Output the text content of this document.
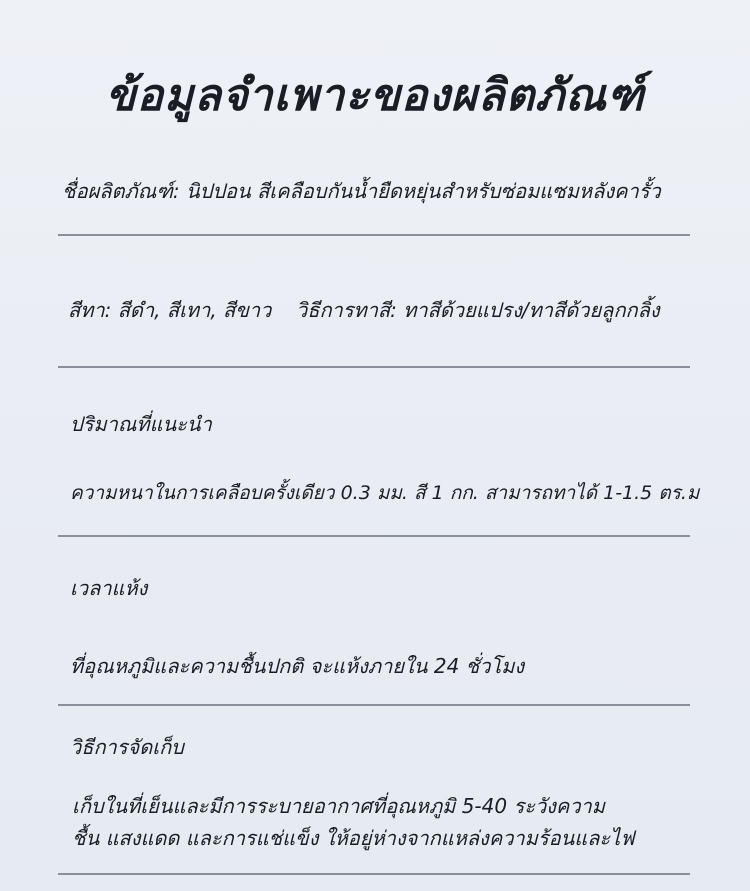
ข้อมูลจำเพาะของผลิตภัณฑ์
ชื่อผลิตภัณฑ์: นิปปอน สีเคลือบกันน้ำยืดหยุ่นสำหรับซ่อมแซมหลังคารั้ว
สีทา: สีดำ, สีเทา, สีขาว วิธีการทาสี: ทาสีด้วยแปรง/ทาสีด้วยลูกกลิ้ง
ปริมาณที่แนะนำ
ความหนาในการเคลือบครั้งเดียว 0.3 มม. สี 1 กก. สามารถทาได้ 1-1.5 ตร.ม
เวลาแห้ง
ที่อุณหภูมิและความชื้นปกติ จะแห้งภายใน 24 ชั่วโมง
วิธีการจัดเก็บ
เก็บในที่เย็นและมีการระบายอากาศที่อุณหภูมิ 5-40 ระวังความ
ชื้น แสงแดด และการแช่แข็ง ให้อยู่ห่างจากแหล่งความร้อนและไฟ
